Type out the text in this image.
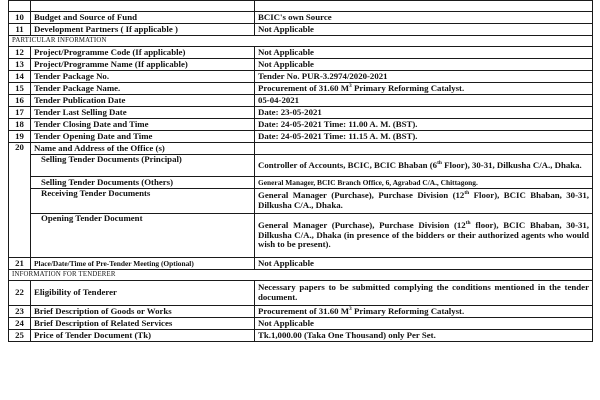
10	Budget and Source of Fund	BCIC's own Source
11	Development Partners ( If applicable )	Not Applicable
PARTICULAR INFORMATION		
12	Project/Programme Code (If applicable)	Not Applicable
13	Project/Programme Name (If applicable)	Not Applicable
14	Tender Package No.	Tender No. PUR-3.2974/2020-2021
15	Tender Package Name.	Procurement of 31.60 $M^3$ Primary Reforming Catalyst.
16	Tender Publication Date	05-04-2021
17	Tender Last Selling Date	Date: 23-05-2021
18	Tender Closing Date and Time	Date: 24-05-2021 Time: 11.00 A. M. (BST).
19	Tender Opening Date and Time	Date: 24-05-2021 Time: 11.15 A. M. (BST).
20	Name and Address of the Office (s)	
	Selling Tender Documents (Principal)	Controller of Accounts, BCIC, BCIC Bhaban (6th Floor), 30-31, Dilkusha C/A., Dhaka.
	Selling Tender Documents (Others)	General Manager, BCIC Branch Office, 6, Agrabad C/A., Chittagong.
	Receiving Tender Documents	General Manager (Purchase), Purchase Division (12th Floor), BCIC Bhaban, 30-31, Dilkusha C/A., Dhaka.
	Opening Tender Document	General Manager (Purchase), Purchase Division (12th floor), BCIC Bhaban, 30-31, Dilkusha C/A., Dhaka (in presence of the bidders or their authorized agents who would wish to be present).
21	Place/Date/Time of Pre-Tender Meeting (Optional)	Not Applicable
INFORMATION FOR TENDERER		
22	Eligibility of Tenderer	Necessary papers to be submitted complying the conditions mentioned in the tender document.
23	Brief Description of Goods or Works	Procurement of 31.60 $M^3$ Primary Reforming Catalyst.
24	Brief Description of Related Services	Not Applicable
25	Price of Tender Document (Tk)	Tk.1,000.00 (Taka One Thousand) only Per Set.
